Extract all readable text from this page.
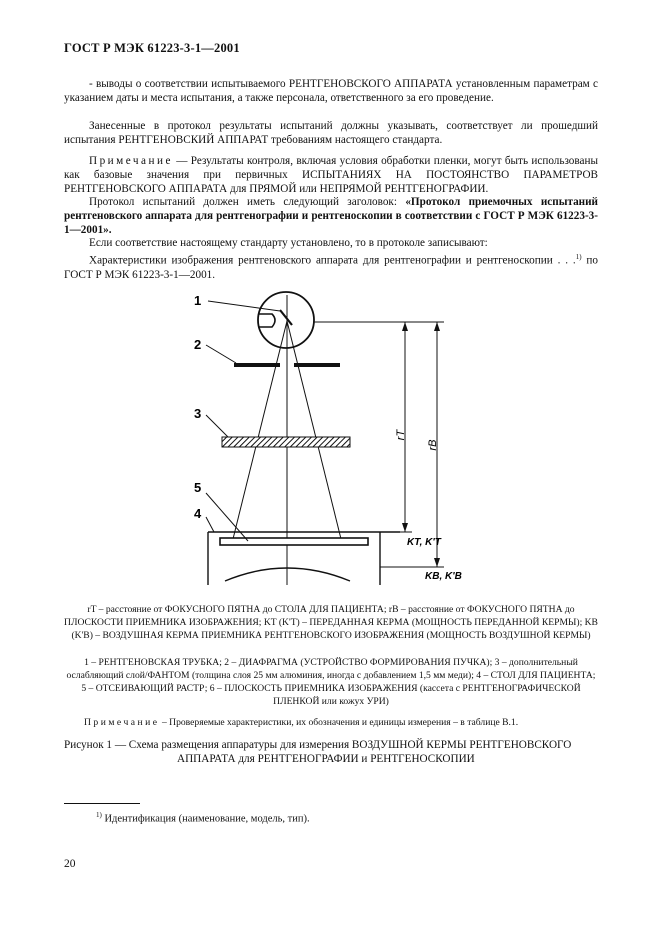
ГОСТ Р МЭК 61223-3-1—2001
- выводы о соответствии испытываемого РЕНТГЕНОВСКОГО АППАРАТА установленным параметрам с указанием даты и места испытания, а также персонала, ответственного за его проведение.
Занесенные в протокол результаты испытаний должны указывать, соответствует ли прошедший испытания РЕНТГЕНОВСКИЙ АППАРАТ требованиям настоящего стандарта.
Примечание — Результаты контроля, включая условия обработки пленки, могут быть использованы как базовые значения при первичных ИСПЫТАНИЯХ НА ПОСТОЯНСТВО ПАРАМЕТРОВ РЕНТГЕНОВСКОГО АППАРАТА для ПРЯМОЙ или НЕПРЯМОЙ РЕНТГЕНОГРАФИИ.
Протокол испытаний должен иметь следующий заголовок: «Протокол приемочных испытаний рентгеновского аппарата для рентгенографии и рентгеноскопии в соответствии с ГОСТ Р МЭК 61223-3-1—2001».
Если соответствие настоящему стандарту установлено, то в протоколе записывают:
Характеристики изображения рентгеновского аппарата для рентгенографии и рентгеноскопии . . .$^{1)}$ по ГОСТ Р МЭК 61223-3-1—2001.
1
2
3
5
4
rT
rB
KT, K'T
KB, K'B
rT – расстояние от ФОКУСНОГО ПЯТНА до СТОЛА ДЛЯ ПАЦИЕНТА; rB – расстояние от ФОКУСНОГО ПЯТНА до ПЛОСКОСТИ ПРИЕМНИКА ИЗОБРАЖЕНИЯ; KT (K'T) – ПЕРЕДАННАЯ КЕРМА (МОЩНОСТЬ ПЕРЕДАННОЙ КЕРМЫ); KB (K'B) – ВОЗДУШНАЯ КЕРМА ПРИЕМНИКА РЕНТГЕНОВСКОГО ИЗОБРАЖЕНИЯ (МОЩНОСТЬ ВОЗДУШНОЙ КЕРМЫ)
1 – РЕНТГЕНОВСКАЯ ТРУБКА; 2 – ДИАФРАГМА (УСТРОЙСТВО ФОРМИРОВАНИЯ ПУЧКА); 3 – дополнительный ослабляющий слой/ФАНТОМ (толщина слоя 25 мм алюминия, иногда с добавлением 1,5 мм меди); 4 – СТОЛ ДЛЯ ПАЦИЕНТА; 5 – ОТСЕИВАЮЩИЙ РАСТР; 6 – ПЛОСКОСТЬ ПРИЕМНИКА ИЗОБРАЖЕНИЯ (кассета с РЕНТГЕНОГРАФИЧЕСКОЙ ПЛЕНКОЙ или кожух УРИ)
Примечание – Проверяемые характеристики, их обозначения и единицы измерения – в таблице В.1.
Рисунок 1 — Схема размещения аппаратуры для измерения ВОЗДУШНОЙ КЕРМЫ РЕНТГЕНОВСКОГО
АППАРАТА для РЕНТГЕНОГРАФИИ и РЕНТГЕНОСКОПИИ
$^{1)}$ Идентификация (наименование, модель, тип).
20
